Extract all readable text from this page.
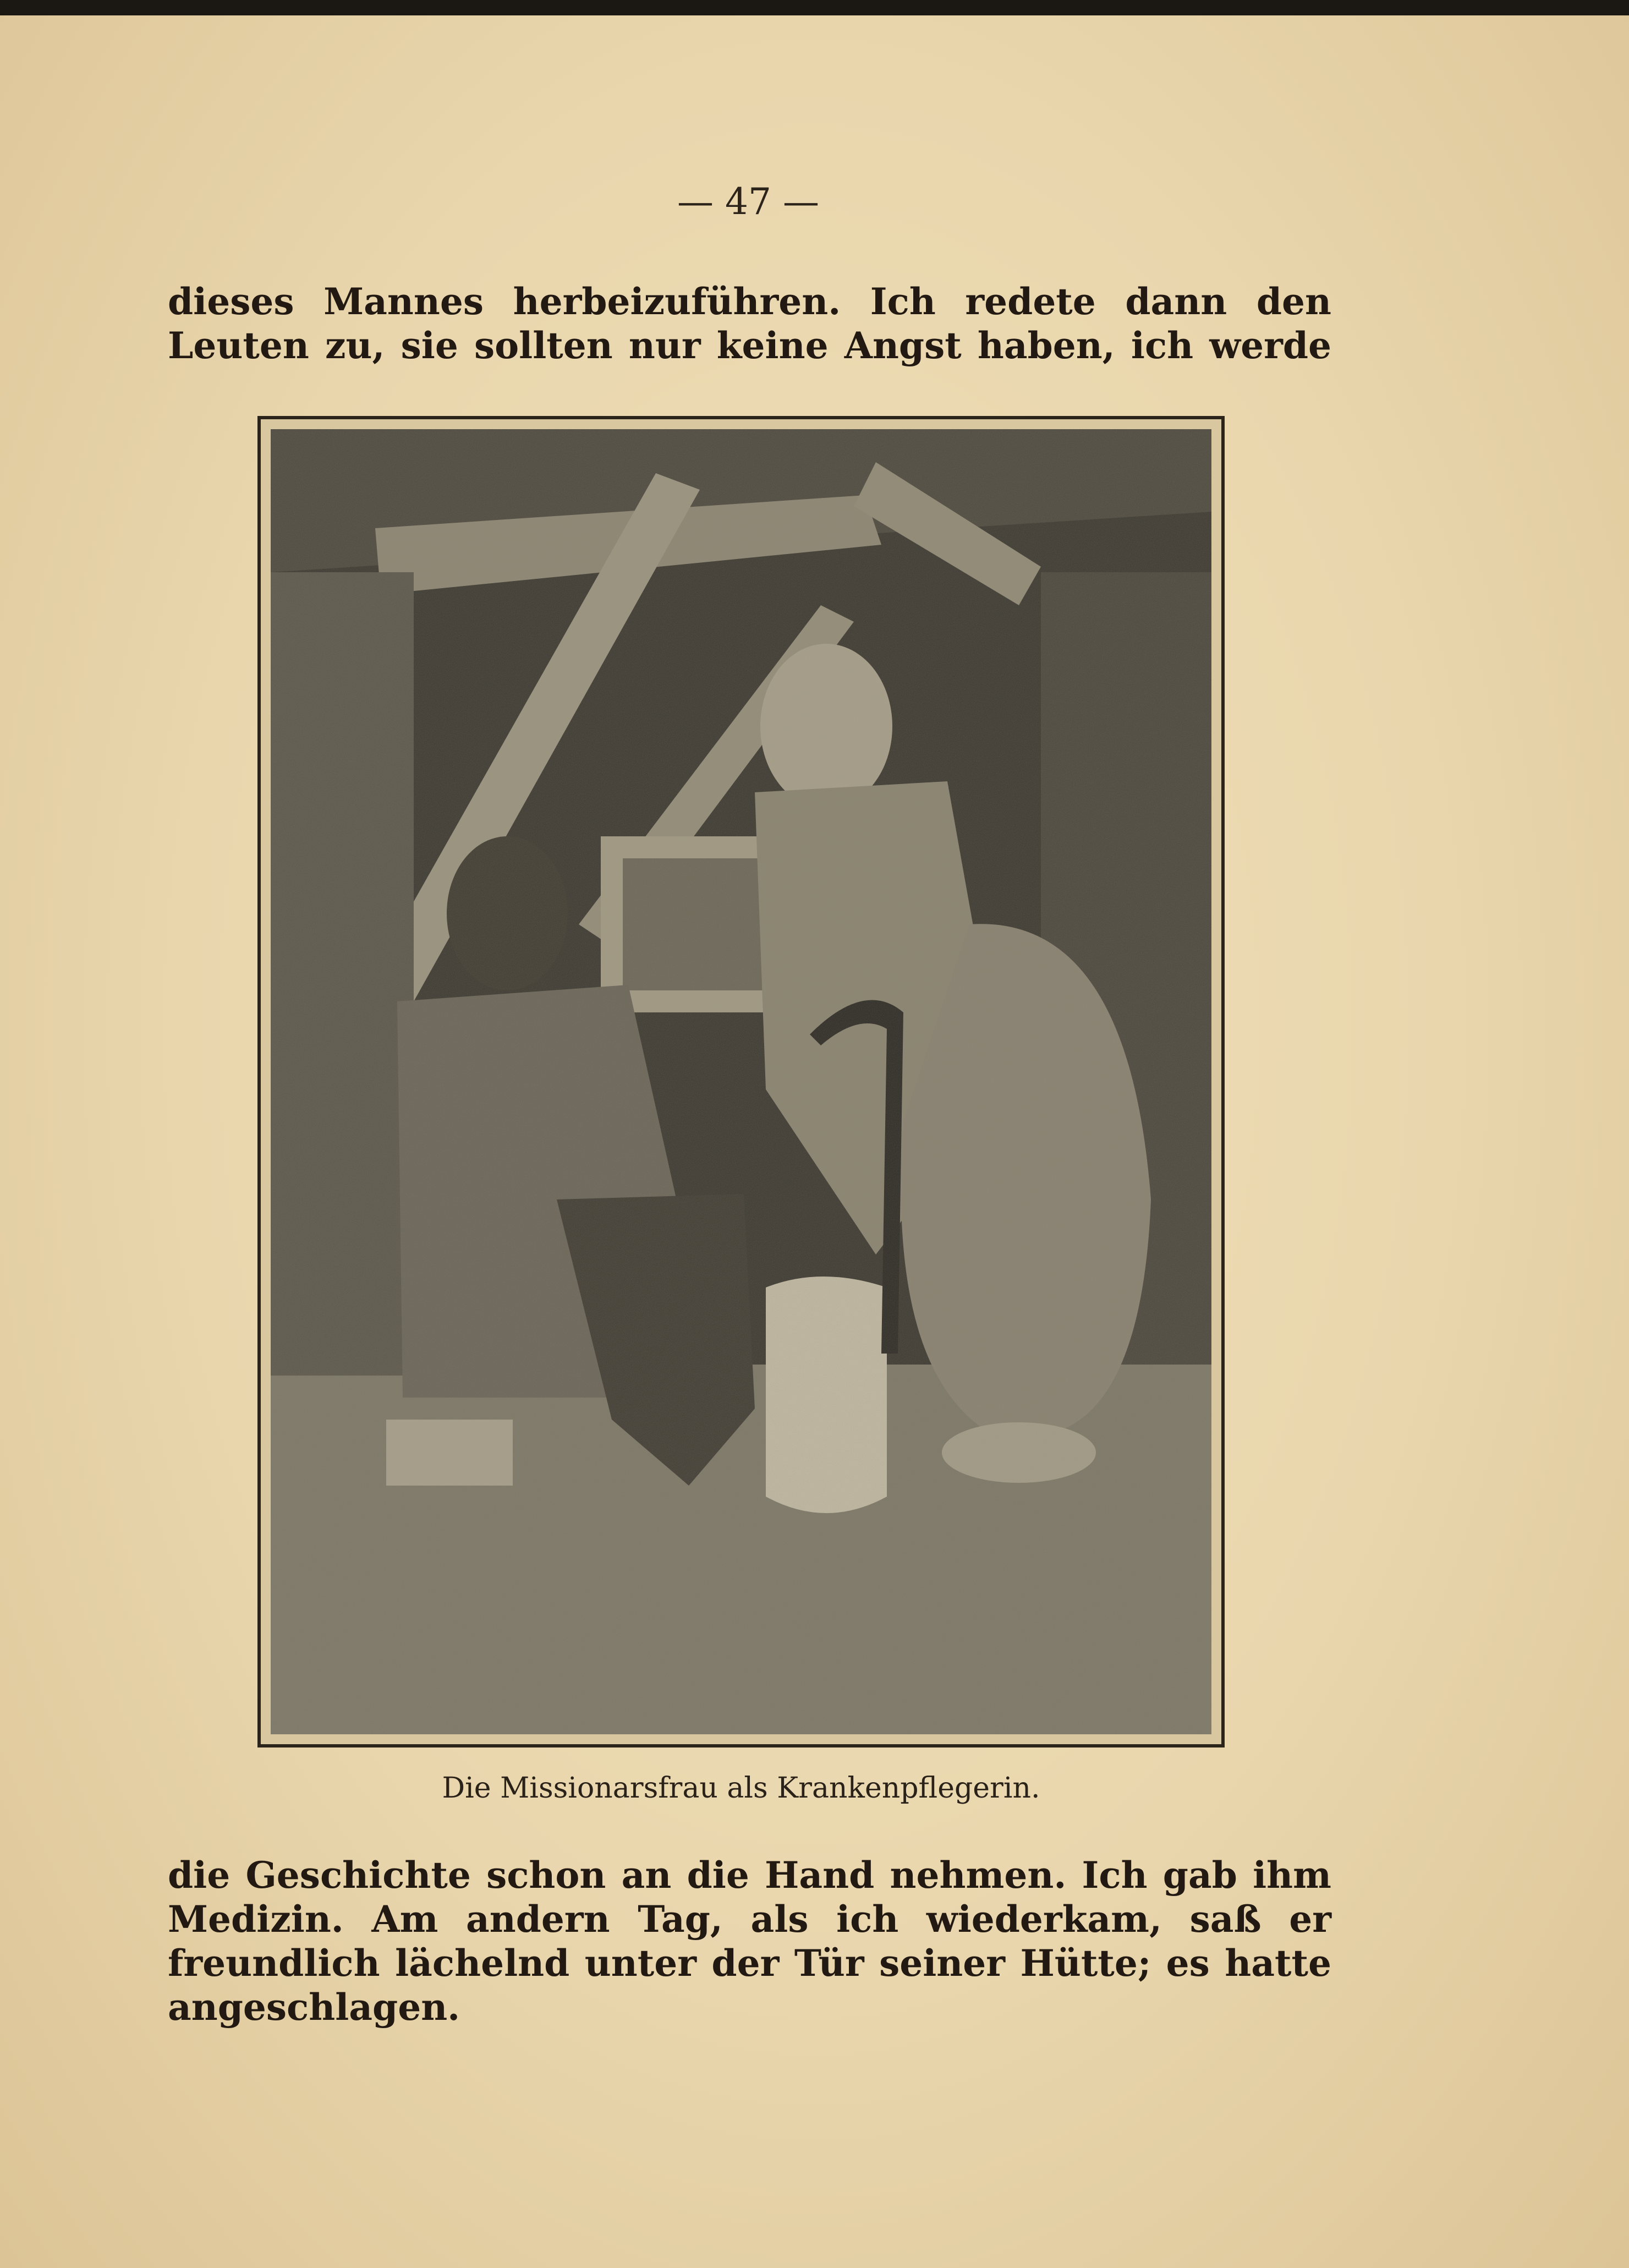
— 47 —
dieses Mannes herbeizuführen. Ich redete dann den
Leuten zu, sie sollten nur keine Angst haben, ich werde
Die Missionarsfrau als Krankenpflegerin.
die Geschichte schon an die Hand nehmen. Ich gab ihm
Medizin. Am andern Tag, als ich wiederkam, saß er
freundlich lächelnd unter der Tür seiner Hütte; es hatte
angeschlagen.
